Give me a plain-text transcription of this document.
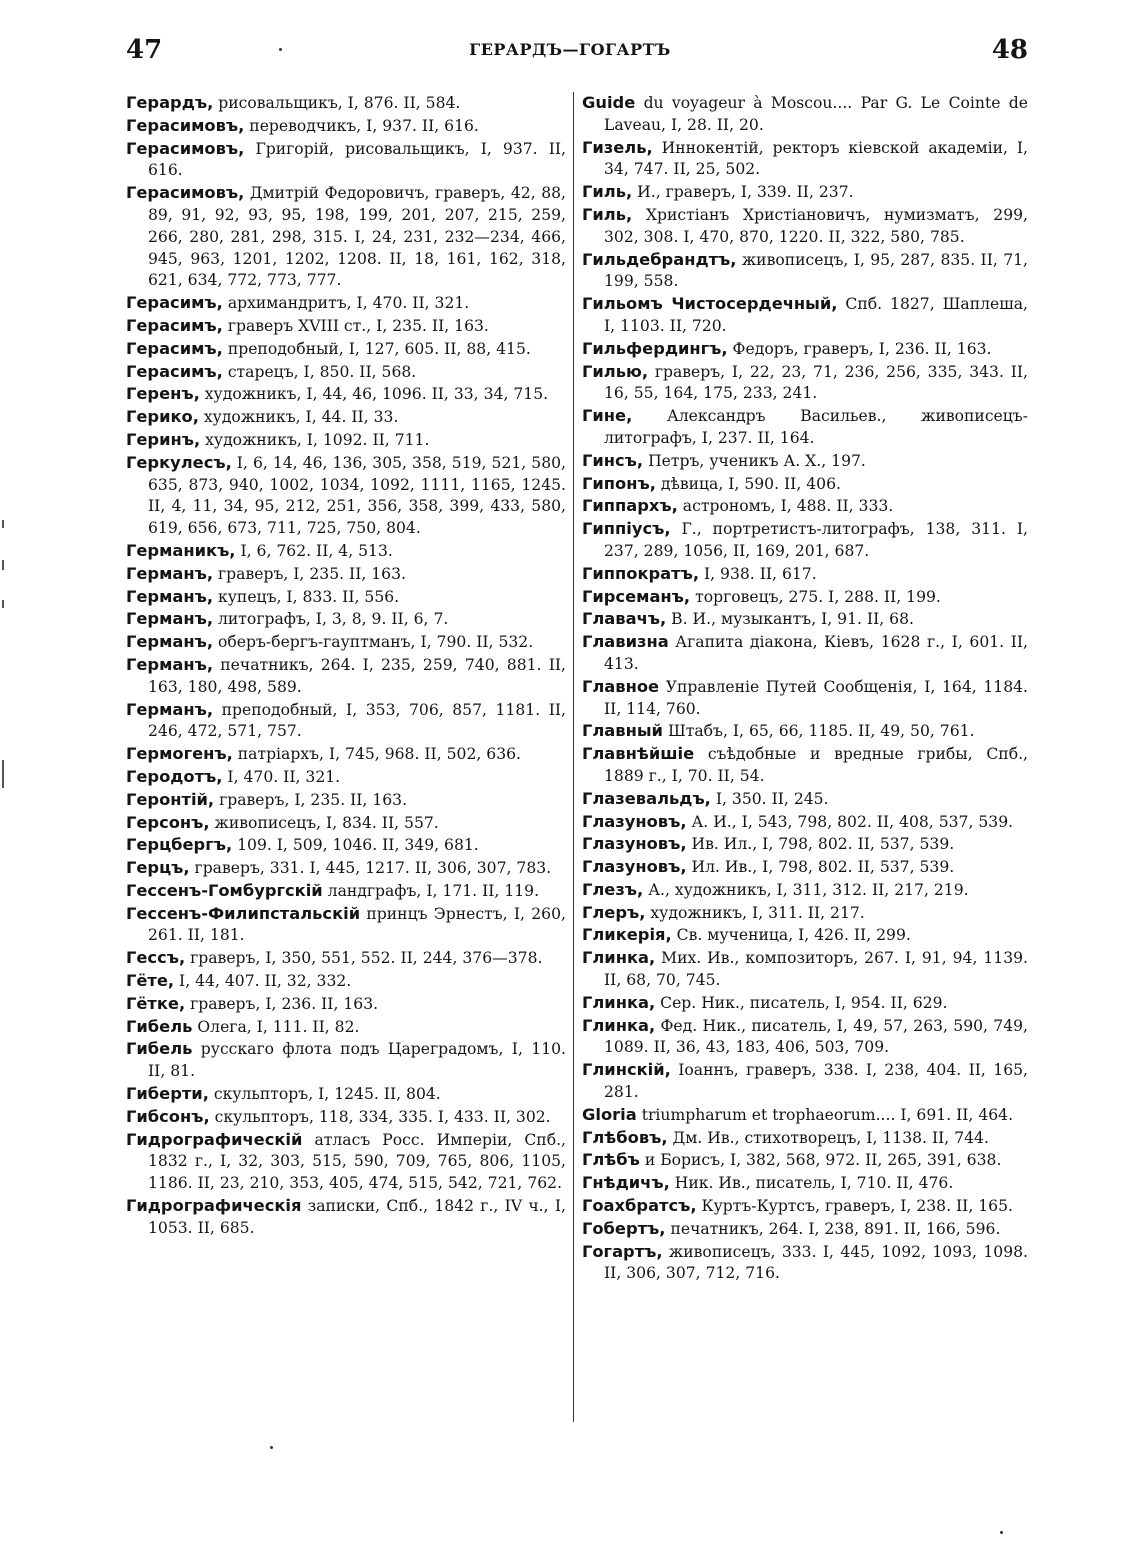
47	ГЕРАРДЪ—ГОГАРТЪ	48
Герардъ, рисовальщикъ, I, 876. II, 584.
Герасимовъ, переводчикъ, I, 937. II, 616.
Герасимовъ, Григорій, рисовальщикъ, I, 937. II, 616.
Герасимовъ, Дмитрій Федоровичъ, граверъ, 42, 88, 89, 91, 92, 93, 95, 198, 199, 201, 207, 215, 259, 266, 280, 281, 298, 315. I, 24, 231, 232—234, 466, 945, 963, 1201, 1202, 1208. II, 18, 161, 162, 318, 621, 634, 772, 773, 777.
Герасимъ, архимандритъ, I, 470. II, 321.
Герасимъ, граверъ XVIII ст., I, 235. II, 163.
Герасимъ, преподобный, I, 127, 605. II, 88, 415.
Герасимъ, старецъ, I, 850. II, 568.
Геренъ, художникъ, I, 44, 46, 1096. II, 33, 34, 715.
Герико, художникъ, I, 44. II, 33.
Геринъ, художникъ, I, 1092. II, 711.
Геркулесъ, I, 6, 14, 46, 136, 305, 358, 519, 521, 580, 635, 873, 940, 1002, 1034, 1092, 1111, 1165, 1245. II, 4, 11, 34, 95, 212, 251, 356, 358, 399, 433, 580, 619, 656, 673, 711, 725, 750, 804.
Германикъ, I, 6, 762. II, 4, 513.
Германъ, граверъ, I, 235. II, 163.
Германъ, купецъ, I, 833. II, 556.
Германъ, литографъ, I, 3, 8, 9. II, 6, 7.
Германъ, оберъ-бергъ-гауптманъ, I, 790. II, 532.
Германъ, печатникъ, 264. I, 235, 259, 740, 881. II, 163, 180, 498, 589.
Германъ, преподобный, I, 353, 706, 857, 1181. II, 246, 472, 571, 757.
Гермогенъ, патріархъ, I, 745, 968. II, 502, 636.
Геродотъ, I, 470. II, 321.
Геронтій, граверъ, I, 235. II, 163.
Герсонъ, живописецъ, I, 834. II, 557.
Герцбергъ, 109. I, 509, 1046. II, 349, 681.
Герцъ, граверъ, 331. I, 445, 1217. II, 306, 307, 783.
Гессенъ-Гомбургскій ландграфъ, I, 171. II, 119.
Гессенъ-Филипстальскій принцъ Эрнестъ, I, 260, 261. II, 181.
Гессъ, граверъ, I, 350, 551, 552. II, 244, 376—378.
Гёте, I, 44, 407. II, 32, 332.
Гётке, граверъ, I, 236. II, 163.
Гибель Олега, I, 111. II, 82.
Гибель русскаго флота подъ Цареградомъ, I, 110. II, 81.
Гиберти, скульпторъ, I, 1245. II, 804.
Гибсонъ, скульпторъ, 118, 334, 335. I, 433. II, 302.
Гидрографическій атласъ Росс. Имперіи, Спб., 1832 г., I, 32, 303, 515, 590, 709, 765, 806, 1105, 1186. II, 23, 210, 353, 405, 474, 515, 542, 721, 762.
Гидрографическія записки, Спб., 1842 г., IV ч., I, 1053. II, 685.
Guide du voyageur à Moscou.... Par G. Le Cointe de Laveau, I, 28. II, 20.
Гизель, Иннокентій, ректоръ кіевской академіи, I, 34, 747. II, 25, 502.
Гиль, И., граверъ, I, 339. II, 237.
Гиль, Христіанъ Христіановичъ, нумизматъ, 299, 302, 308. I, 470, 870, 1220. II, 322, 580, 785.
Гильдебрандтъ, живописецъ, I, 95, 287, 835. II, 71, 199, 558.
Гильомъ Чистосердечный, Спб. 1827, Шаплеша, I, 1103. II, 720.
Гильфердингъ, Федоръ, граверъ, I, 236. II, 163.
Гилью, граверъ, I, 22, 23, 71, 236, 256, 335, 343. II, 16, 55, 164, 175, 233, 241.
Гине, Александръ Васильев., живописецъ-литографъ, I, 237. II, 164.
Гинсъ, Петръ, ученикъ А. Х., 197.
Гипонъ, дѣвица, I, 590. II, 406.
Гиппархъ, астрономъ, I, 488. II, 333.
Гиппіусъ, Г., портретистъ-литографъ, 138, 311. I, 237, 289, 1056, II, 169, 201, 687.
Гиппократъ, I, 938. II, 617.
Гирсеманъ, торговецъ, 275. I, 288. II, 199.
Главачъ, В. И., музыкантъ, I, 91. II, 68.
Главизна Агапита діакона, Кіевъ, 1628 г., I, 601. II, 413.
Главное Управленіе Путей Сообщенія, I, 164, 1184. II, 114, 760.
Главный Штабъ, I, 65, 66, 1185. II, 49, 50, 761.
Главнѣйшіе съѣдобные и вредные грибы, Спб., 1889 г., I, 70. II, 54.
Глазевальдъ, I, 350. II, 245.
Глазуновъ, А. И., I, 543, 798, 802. II, 408, 537, 539.
Глазуновъ, Ив. Ил., I, 798, 802. II, 537, 539.
Глазуновъ, Ил. Ив., I, 798, 802. II, 537, 539.
Глезъ, А., художникъ, I, 311, 312. II, 217, 219.
Глеръ, художникъ, I, 311. II, 217.
Гликерія, Св. мученица, I, 426. II, 299.
Глинка, Мих. Ив., композиторъ, 267. I, 91, 94, 1139. II, 68, 70, 745.
Глинка, Сер. Ник., писатель, I, 954. II, 629.
Глинка, Фед. Ник., писатель, I, 49, 57, 263, 590, 749, 1089. II, 36, 43, 183, 406, 503, 709.
Глинскій, Іоаннъ, граверъ, 338. I, 238, 404. II, 165, 281.
Gloria triumpharum et trophaeorum.... I, 691. II, 464.
Глѣбовъ, Дм. Ив., стихотворецъ, I, 1138. II, 744.
Глѣбъ и Борисъ, I, 382, 568, 972. II, 265, 391, 638.
Гнѣдичъ, Ник. Ив., писатель, I, 710. II, 476.
Гоахбратсъ, Куртъ-Куртсъ, граверъ, I, 238. II, 165.
Гобертъ, печатникъ, 264. I, 238, 891. II, 166, 596.
Гогартъ, живописецъ, 333. I, 445, 1092, 1093, 1098. II, 306, 307, 712, 716.
